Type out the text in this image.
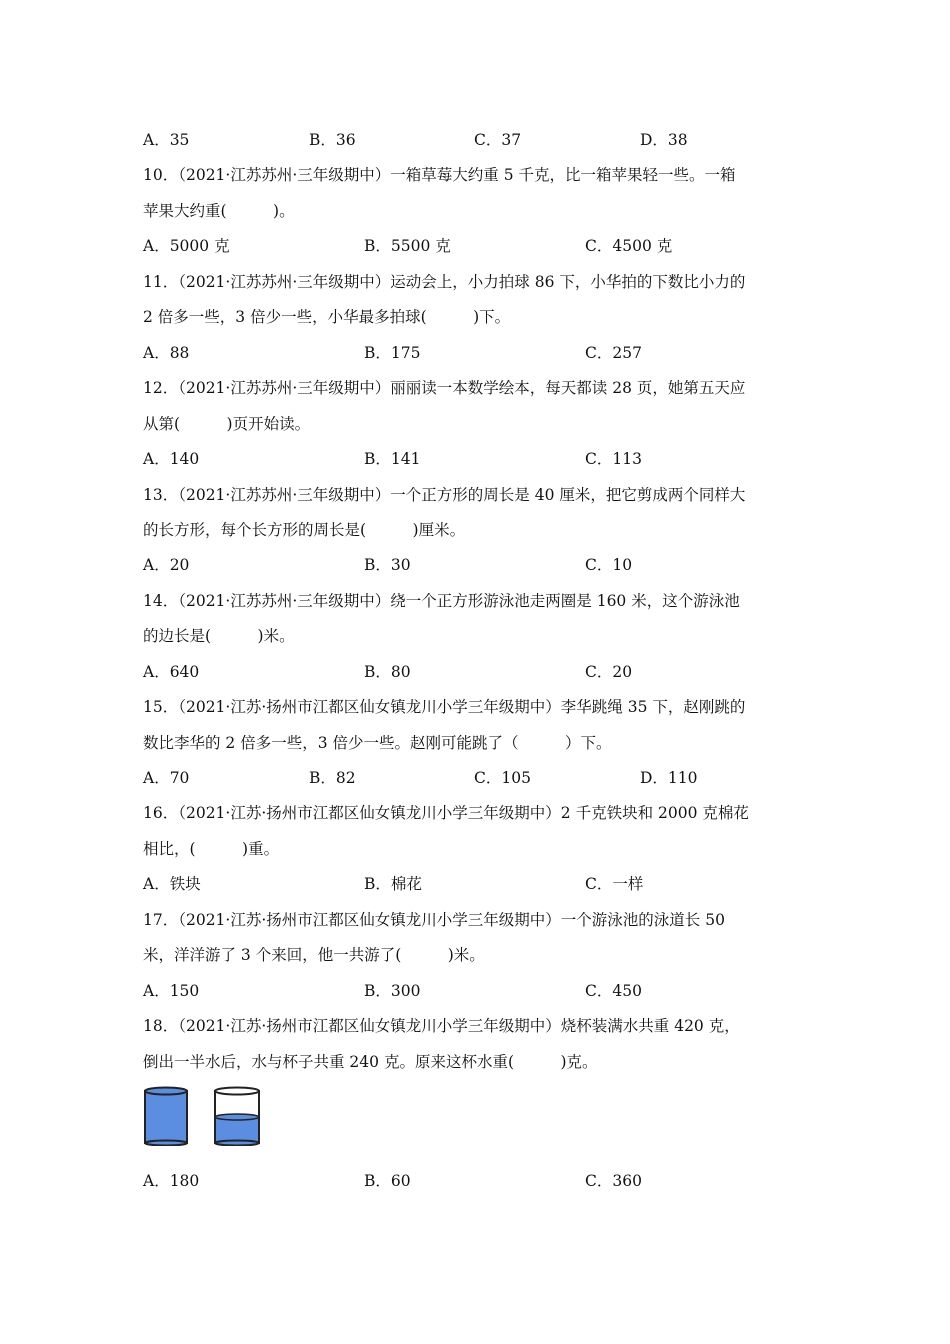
A．35	B．36	C．37	D．38
10．（2021·江苏苏州·三年级期中）一箱草莓大约重 5 千克，比一箱苹果轻一些。一箱
苹果大约重(　　　)。
A．5000 克	B．5500 克	C．4500 克
11．（2021·江苏苏州·三年级期中）运动会上，小力拍球 86 下，小华拍的下数比小力的
2 倍多一些，3 倍少一些，小华最多拍球(　　　)下。
A．88	B．175	C．257
12．（2021·江苏苏州·三年级期中）丽丽读一本数学绘本，每天都读 28 页，她第五天应
从第(　　　)页开始读。
A．140	B．141	C．113
13．（2021·江苏苏州·三年级期中）一个正方形的周长是 40 厘米，把它剪成两个同样大
的长方形，每个长方形的周长是(　　　)厘米。
A．20	B．30	C．10
14．（2021·江苏苏州·三年级期中）绕一个正方形游泳池走两圈是 160 米，这个游泳池
的边长是(　　　)米。
A．640	B．80	C．20
15．（2021·江苏·扬州市江都区仙女镇龙川小学三年级期中）李华跳绳 35 下，赵刚跳的
数比李华的 2 倍多一些，3 倍少一些。赵刚可能跳了（　　　）下。
A．70	B．82	C．105	D．110
16．（2021·江苏·扬州市江都区仙女镇龙川小学三年级期中）2 千克铁块和 2000 克棉花
相比，(　　　)重。
A．铁块	B．棉花	C．一样
17．（2021·江苏·扬州市江都区仙女镇龙川小学三年级期中）一个游泳池的泳道长 50
米，洋洋游了 3 个来回，他一共游了(　　　)米。
A．150	B．300	C．450
18．（2021·江苏·扬州市江都区仙女镇龙川小学三年级期中）烧杯装满水共重 420 克，
倒出一半水后，水与杯子共重 240 克。原来这杯水重(　　　)克。
A．180	B．60	C．360
